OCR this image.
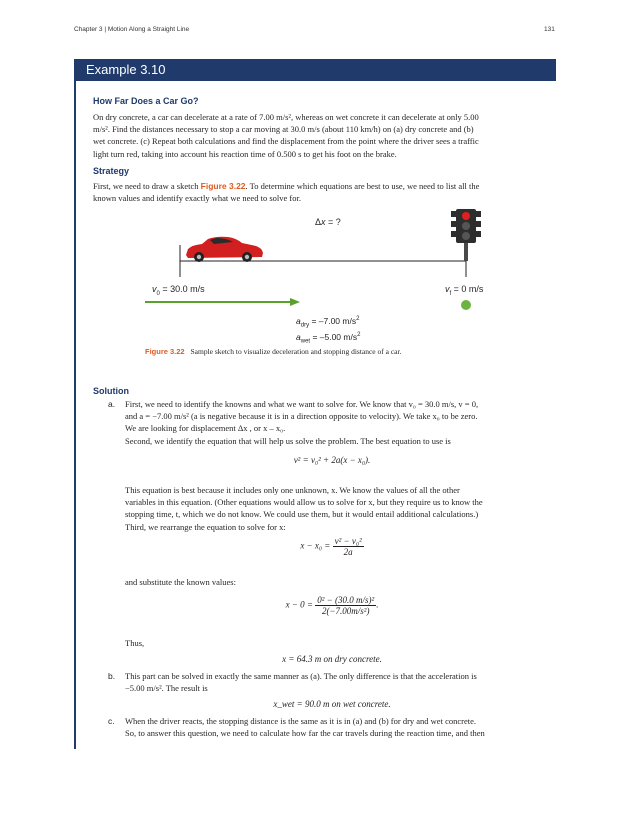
Chapter 3 | Motion Along a Straight Line	131
Example 3.10
How Far Does a Car Go?
On dry concrete, a car can decelerate at a rate of 7.00 m/s², whereas on wet concrete it can decelerate at only 5.00
m/s². Find the distances necessary to stop a car moving at 30.0 m/s (about 110 km/h) on (a) dry concrete and (b)
wet concrete. (c) Repeat both calculations and find the displacement from the point where the driver sees a traffic
light turn red, taking into account his reaction time of 0.500 s to get his foot on the brake.
Strategy
First, we need to draw a sketch Figure 3.22. To determine which equations are best to use, we need to list all the
known values and identify exactly what we need to solve for.
Δx = ?
$v_0 = 30.0$ m/s	$v_f = 0$ m/s
$a_{dry} = -7.00$ $m/s^2$
$a_{wet} = -5.00$ $m/s^2$
Figure 3.22 Sample sketch to visualize deceleration and stopping distance of a car.
Solution
a. First, we need to identify the knowns and what we want to solve for. We know that v₀ = 30.0 m/s, v = 0,
and a = −7.00 m/s² (a is negative because it is in a direction opposite to velocity). We take x₀ to be zero.
We are looking for displacement Δx , or x – x₀.
Second, we identify the equation that will help us solve the problem. The best equation to use is
v² = v₀² + 2a(x − x₀).
This equation is best because it includes only one unknown, x. We know the values of all the other
variables in this equation. (Other equations would allow us to solve for x, but they require us to know the
stopping time, t, which we do not know. We could use them, but it would entail additional calculations.)
Third, we rearrange the equation to solve for x:
$x - x_0 = \frac{\text{v² − v₀²}}{2a}$
and substitute the known values:
$x - 0 = \frac{\text{0² − (30.0 m/s)²}}{\text{2(−7.00m/s²)}}$ .
Thus,
x = 64.3 m on dry concrete.
b. This part can be solved in exactly the same manner as (a). The only difference is that the acceleration is
−5.00 m/s². The result is
x_wet = 90.0 m on wet concrete.
c. When the driver reacts, the stopping distance is the same as it is in (a) and (b) for dry and wet concrete.
So, to answer this question, we need to calculate how far the car travels during the reaction time, and then
